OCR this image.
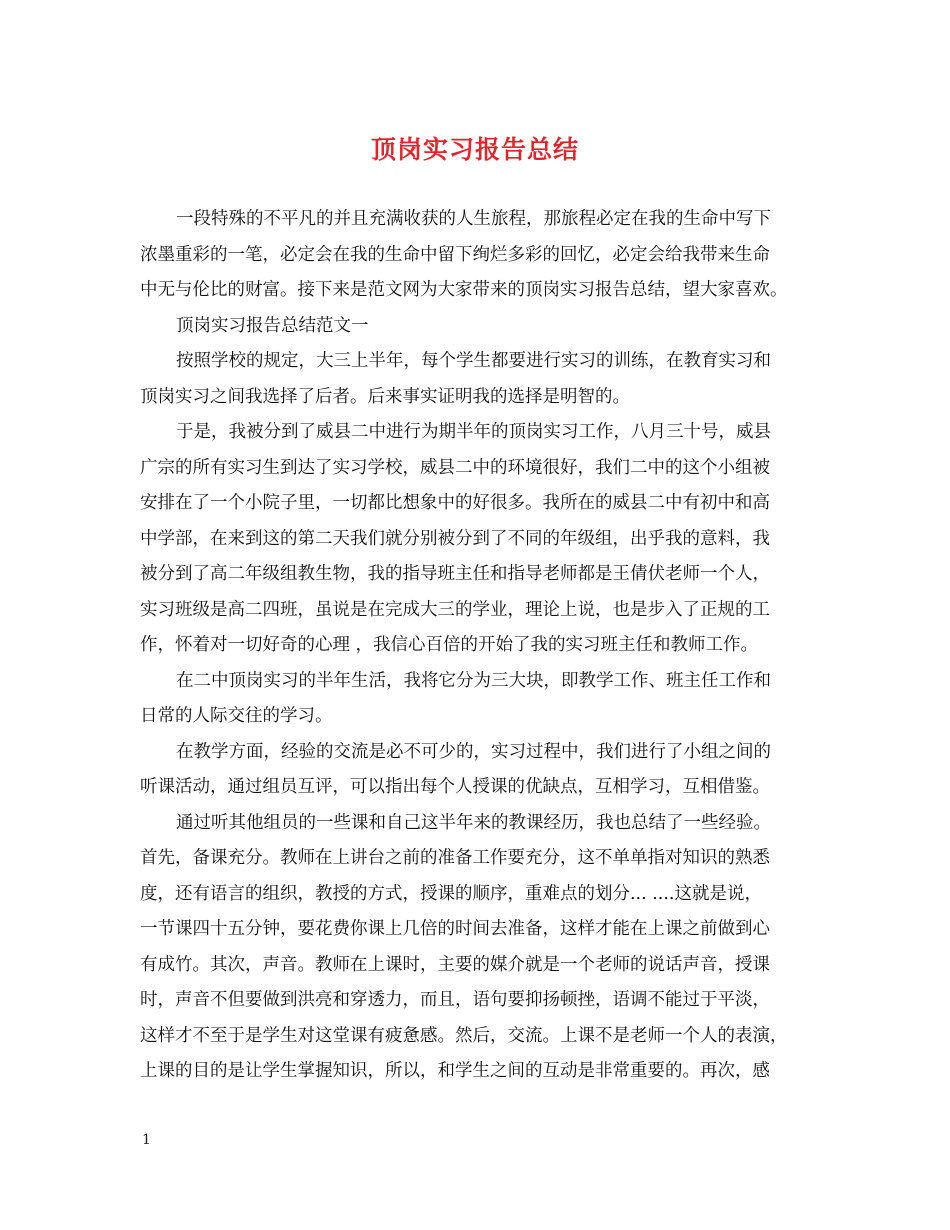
顶岗实习报告总结
一段特殊的不平凡的并且充满收获的人生旅程，那旅程必定在我的生命中写下
浓墨重彩的一笔，必定会在我的生命中留下绚烂多彩的回忆，必定会给我带来生命
中无与伦比的财富。接下来是范文网为大家带来的顶岗实习报告总结，望大家喜欢。
顶岗实习报告总结范文一
按照学校的规定，大三上半年，每个学生都要进行实习的训练，在教育实习和
顶岗实习之间我选择了后者。后来事实证明我的选择是明智的。
于是，我被分到了威县二中进行为期半年的顶岗实习工作，八月三十号，威县
广宗的所有实习生到达了实习学校，威县二中的环境很好，我们二中的这个小组被
安排在了一个小院子里，一切都比想象中的好很多。我所在的威县二中有初中和高
中学部，在来到这的第二天我们就分别被分到了不同的年级组，出乎我的意料，我
被分到了高二年级组教生物，我的指导班主任和指导老师都是王倩伏老师一个人，
实习班级是高二四班，虽说是在完成大三的学业，理论上说，也是步入了正规的工
作，怀着对一切好奇的心理 ，我信心百倍的开始了我的实习班主任和教师工作。
在二中顶岗实习的半年生活，我将它分为三大块，即教学工作、班主任工作和
日常的人际交往的学习。
在教学方面，经验的交流是必不可少的，实习过程中，我们进行了小组之间的
听课活动，通过组员互评，可以指出每个人授课的优缺点，互相学习，互相借鉴。
通过听其他组员的一些课和自己这半年来的教课经历，我也总结了一些经验。
首先，备课充分。教师在上讲台之前的准备工作要充分，这不单单指对知识的熟悉
度，还有语言的组织，教授的方式，授课的顺序，重难点的划分... ....这就是说，
一节课四十五分钟，要花费你课上几倍的时间去准备，这样才能在上课之前做到心
有成竹。其次，声音。教师在上课时，主要的媒介就是一个老师的说话声音，授课
时，声音不但要做到洪亮和穿透力，而且，语句要抑扬顿挫，语调不能过于平淡，
这样才不至于是学生对这堂课有疲惫感。然后，交流。上课不是老师一个人的表演，
上课的目的是让学生掌握知识，所以，和学生之间的互动是非常重要的。再次，感
1
